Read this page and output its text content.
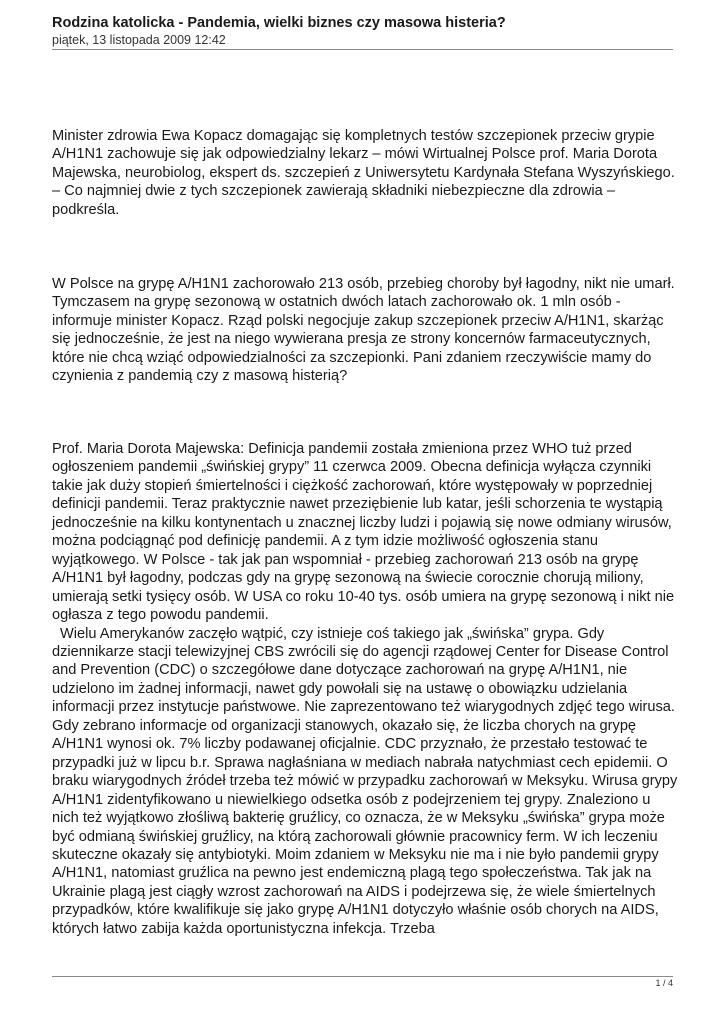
Rodzina katolicka - Pandemia, wielki biznes czy masowa histeria?
piątek, 13 listopada 2009 12:42

Minister zdrowia Ewa Kopacz domagając się kompletnych testów szczepionek przeciw grypie A/H1N1 zachowuje się jak odpowiedzialny lekarz – mówi Wirtualnej Polsce prof. Maria Dorota Majewska, neurobiolog, ekspert ds. szczepień z Uniwersytetu Kardynała Stefana Wyszyńskiego. – Co najmniej dwie z tych szczepionek zawierają składniki niebezpieczne dla zdrowia – podkreśla.

W Polsce na grypę A/H1N1 zachorowało 213 osób, przebieg choroby był łagodny, nikt nie umarł. Tymczasem na grypę sezonową w ostatnich dwóch latach zachorowało ok. 1 mln osób - informuje minister Kopacz. Rząd polski negocjuje zakup szczepionek przeciw A/H1N1, skarżąc się jednocześnie, że jest na niego wywierana presja ze strony koncernów farmaceutycznych, które nie chcą wziąć odpowiedzialności za szczepionki. Pani zdaniem rzeczywiście mamy do czynienia z pandemią czy z masową histerią?

Prof. Maria Dorota Majewska: Definicja pandemii została zmieniona przez WHO tuż przed ogłoszeniem pandemii „świńskiej grypy” 11 czerwca 2009. Obecna definicja wyłącza czynniki takie jak duży stopień śmiertelności i ciężkość zachorowań, które występowały w poprzedniej definicji pandemii. Teraz praktycznie nawet przeziębienie lub katar, jeśli schorzenia te wystąpią jednocześnie na kilku kontynentach u znacznej liczby ludzi i pojawią się nowe odmiany wirusów, można podciągnąć pod definicję pandemii. A z tym idzie możliwość ogłoszenia stanu wyjątkowego. W Polsce - tak jak pan wspomniał - przebieg zachorowań 213 osób na grypę A/H1N1 był łagodny, podczas gdy na grypę sezonową na świecie corocznie chorują miliony, umierają setki tysięcy osób. W USA co roku 10-40 tys. osób umiera na grypę sezonową i nikt nie ogłasza z tego powodu pandemii.

Wielu Amerykanów zaczęło wątpić, czy istnieje coś takiego jak „świńska” grypa. Gdy dziennikarze stacji telewizyjnej CBS zwrócili się do agencji rządowej Center for Disease Control and Prevention (CDC) o szczegółowe dane dotyczące zachorowań na grypę A/H1N1, nie udzielono im żadnej informacji, nawet gdy powołali się na ustawę o obowiązku udzielania informacji przez instytucje państwowe. Nie zaprezentowano też wiarygodnych zdjęć tego wirusa. Gdy zebrano informacje od organizacji stanowych, okazało się, że liczba chorych na grypę A/H1N1 wynosi ok. 7% liczby podawanej oficjalnie. CDC przyznało, że przestało testować te przypadki już w lipcu b.r. Sprawa nagłaśniana w mediach nabrała natychmiast cech epidemii. O braku wiarygodnych źródeł trzeba też mówić w przypadku zachorowań w Meksyku. Wirusa grypy A/H1N1 zidentyfikowano u niewielkiego odsetka osób z podejrzeniem tej grypy. Znaleziono u nich też wyjątkowo złośliwą bakterię gruźlicy, co oznacza, że w Meksyku „świńska” grypa może być odmianą świńskiej gruźlicy, na którą zachorowali głównie pracownicy ferm. W ich leczeniu skuteczne okazały się antybiotyki. Moim zdaniem w Meksyku nie ma i nie było pandemii grypy A/H1N1, natomiast gruźlica na pewno jest endemiczną plagą tego społeczeństwa. Tak jak na Ukrainie plagą jest ciągły wzrost zachorowań na AIDS i podejrzewa się, że wiele śmiertelnych przypadków, które kwalifikuje się jako grypę A/H1N1 dotyczyło właśnie osób chorych na AIDS, których łatwo zabija każda oportunistyczna infekcja. Trzeba

1 / 4
